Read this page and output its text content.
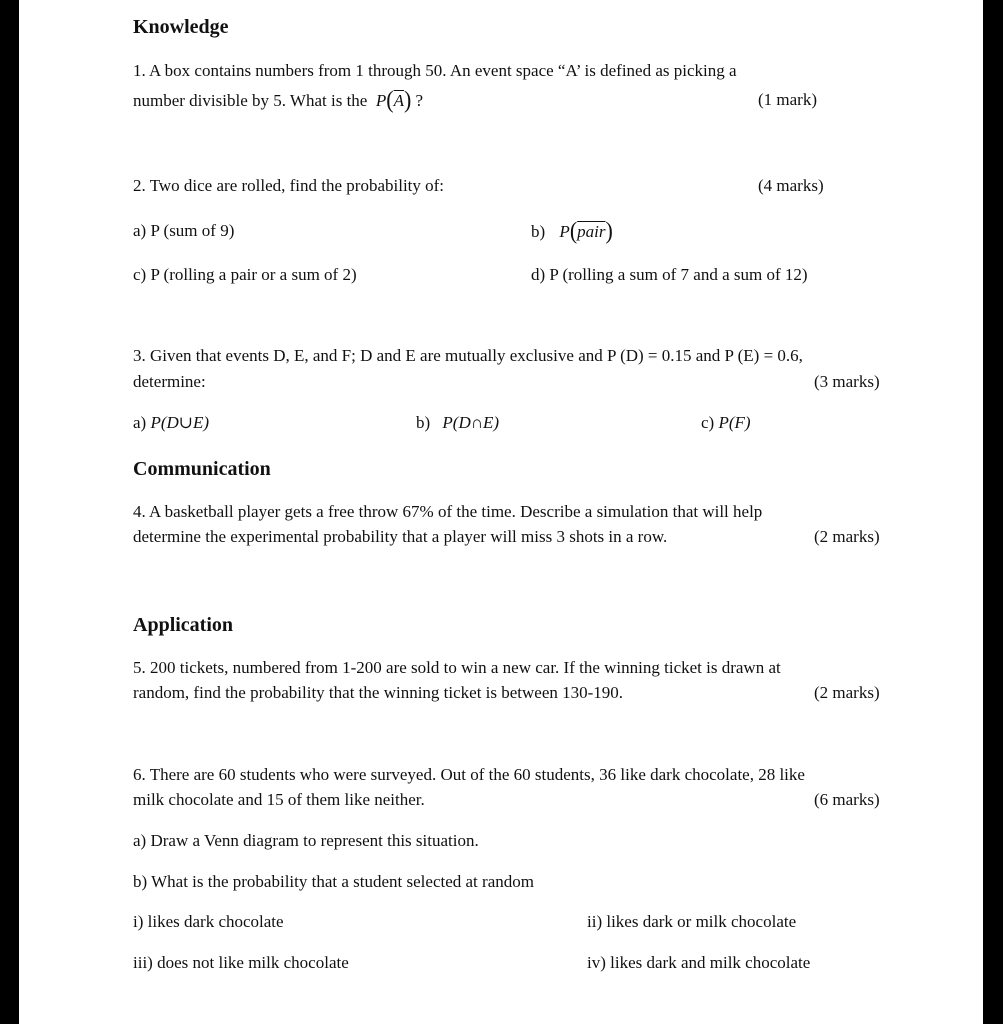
Knowledge
1. A box contains numbers from 1 through 50. An event space “A’ is defined as picking a
number divisible by 5. What is the $P(\overline{A})$ ?	(1 mark)
2. Two dice are rolled, find the probability of:	(4 marks)
a) P (sum of 9)	b) P(pair)
c) P (rolling a pair or a sum of 2)	d) P (rolling a sum of 7 and a sum of 12)
3. Given that events D, E, and F; D and E are mutually exclusive and P (D) = 0.15 and P (E) = 0.6,
determine:	(3 marks)
a) P(D∪E)	b) P(D∩E)	c) P(F)
Communication
4. A basketball player gets a free throw 67% of the time. Describe a simulation that will help
determine the experimental probability that a player will miss 3 shots in a row.	(2 marks)
Application
5. 200 tickets, numbered from 1-200 are sold to win a new car. If the winning ticket is drawn at
random, find the probability that the winning ticket is between 130-190.	(2 marks)
6. There are 60 students who were surveyed. Out of the 60 students, 36 like dark chocolate, 28 like
milk chocolate and 15 of them like neither.	(6 marks)
a) Draw a Venn diagram to represent this situation.
b) What is the probability that a student selected at random
i) likes dark chocolate	ii) likes dark or milk chocolate
iii) does not like milk chocolate	iv) likes dark and milk chocolate
